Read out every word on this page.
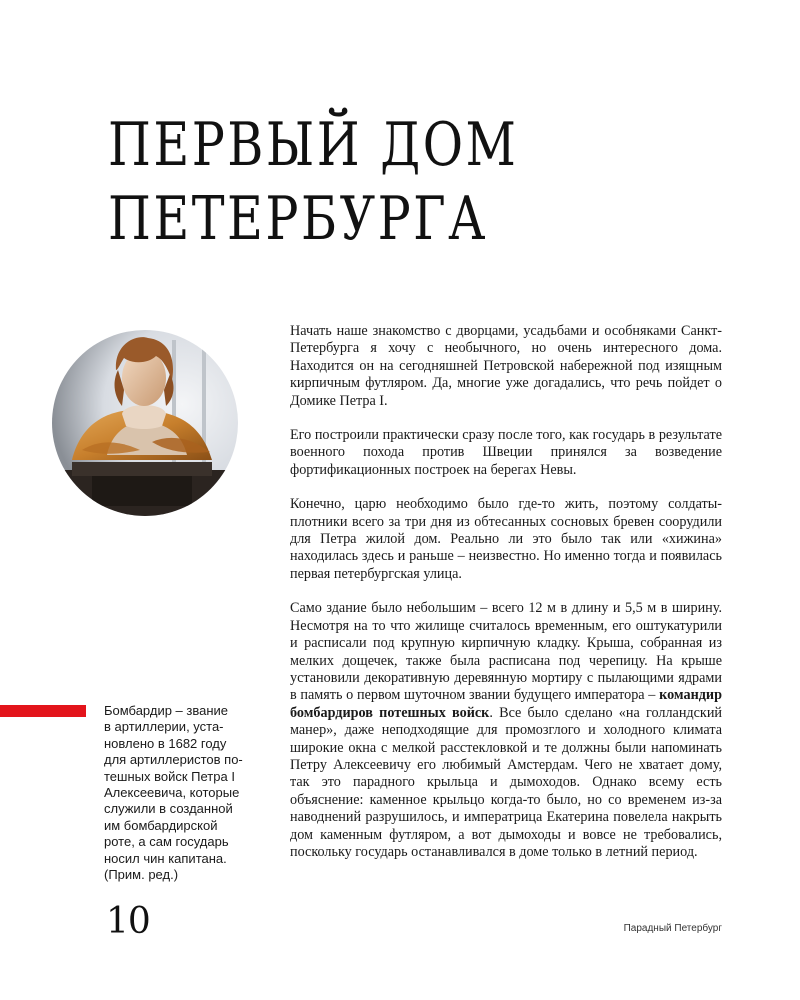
ПЕРВЫЙ ДОМ
ПЕТЕРБУРГА

Начать наше знакомство с дворцами, усадьбами и особняками Санкт-Петербурга я хочу с необычного, но очень интересного дома. Находится он на сегодняшней Петровской набережной под изящным кирпичным футляром. Да, многие уже догадались, что речь пойдет о Домике Петра I.

Его построили практически сразу после того, как государь в результате военного похода против Швеции принялся за возведение фортификационных построек на берегах Невы.

Конечно, царю необходимо было где-то жить, поэтому солдаты-плотники всего за три дня из обтесанных сосновых бревен соорудили для Петра жилой дом. Реально ли это было так или «хижина» находилась здесь и раньше – неизвестно. Но именно тогда и появилась первая петербургская улица.

Само здание было небольшим – всего 12 м в длину и 5,5 м в ширину. Несмотря на то что жилище считалось временным, его оштукатурили и расписали под крупную кирпичную кладку. Крыша, собранная из мелких дощечек, также была расписана под черепицу. На крыше установили декоративную деревянную мортиру с пылающими ядрами в память о первом шуточном звании будущего императора – командир бомбардиров потешных войск. Все было сделано «на голландский манер», даже неподходящие для промозглого и холодного климата широкие окна с мелкой расстекловкой и те должны были напоминать Петру Алексеевичу его любимый Амстердам. Чего не хватает дому, так это парадного крыльца и дымоходов. Однако всему есть объяснение: каменное крыльцо когда-то было, но со временем из-за наводнений разрушилось, и императрица Екатерина повелела накрыть дом каменным футляром, а вот дымоходы и вовсе не требовались, поскольку государь останавливался в доме только в летний период.

Бомбардир – звание
в артиллерии, уста-
новлено в 1682 году
для артиллеристов по-
тешных войск Петра I
Алексеевича, которые
служили в созданной
им бомбардирской
роте, а сам государь
носил чин капитана.
(Прим. ред.)
10	Парадный Петербург
